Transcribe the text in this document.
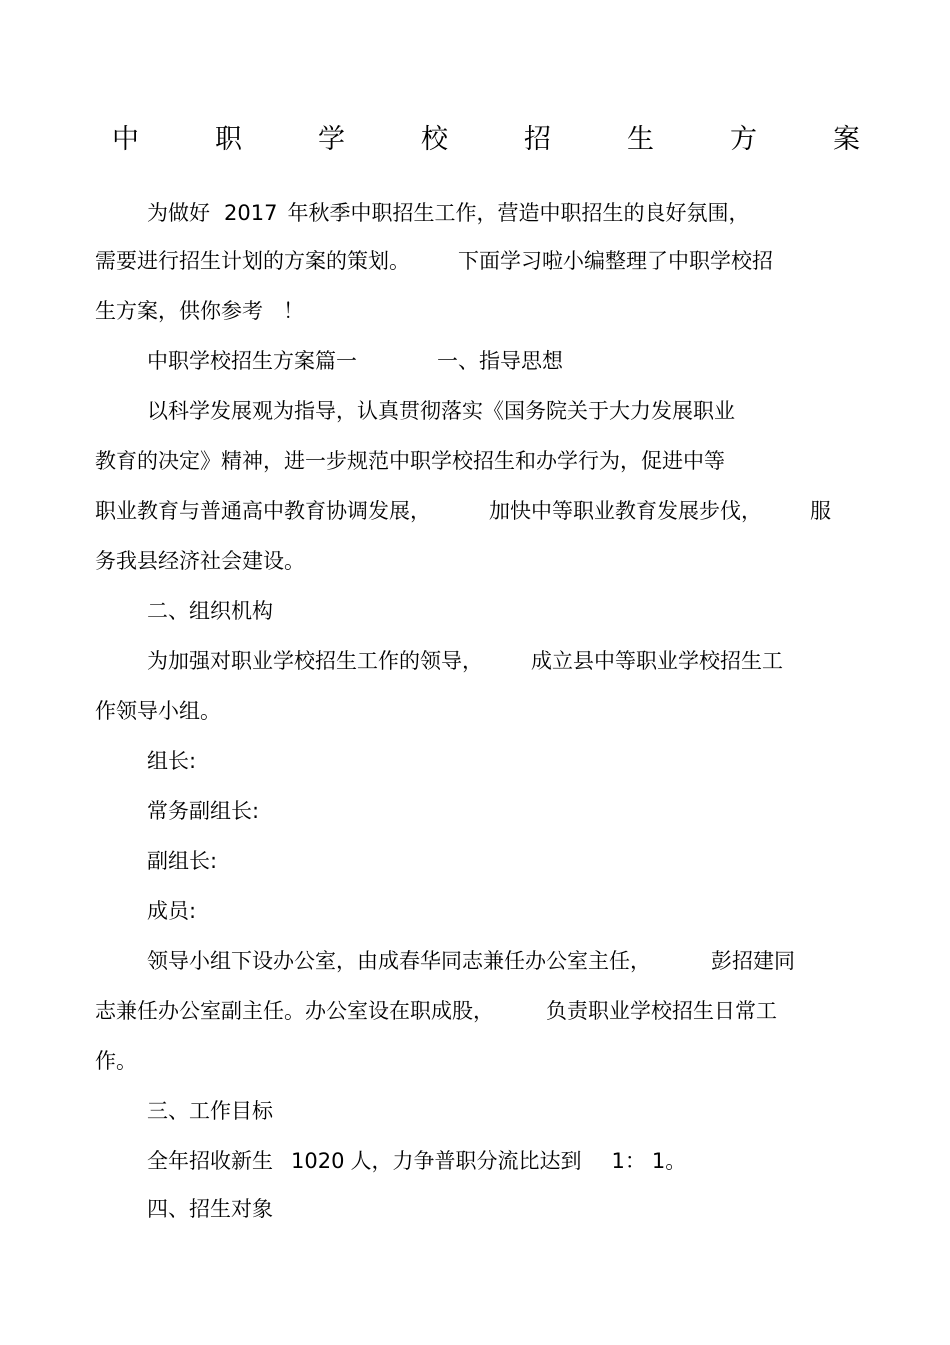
中	职	学	校	招	生	方	案
为做好 2017 年秋季中职招生工作，营造中职招生的良好氛围，
需要进行招生计划的方案的策划。 下面学习啦小编整理了中职学校招
生方案，供你参考 ！
中职学校招生方案篇一	一、指导思想
以科学发展观为指导，认真贯彻落实《国务院关于大力发展职业
教育的决定》精神，进一步规范中职学校招生和办学行为，促进中等
职业教育与普通高中教育协调发展，	加快中等职业教育发展步伐， 服
务我县经济社会建设。
二、组织机构
为加强对职业学校招生工作的领导， 成立县中等职业学校招生工
作领导小组。
组长:
常务副组长:
副组长:
成员:
领导小组下设办公室，由成春华同志兼任办公室主任，	彭招建同
志兼任办公室副主任。办公室设在职成股， 负责职业学校招生日常工
作。
三、工作目标
全年招收新生 1020 人，力争普职分流比达到 1： 1。
四、招生对象
